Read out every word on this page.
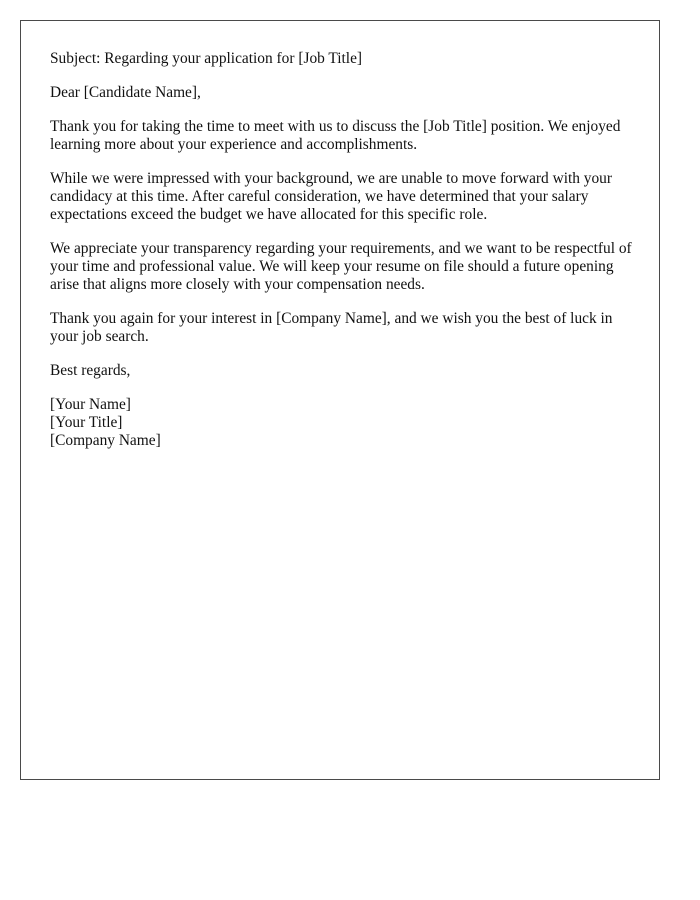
Subject: Regarding your application for [Job Title]

Dear [Candidate Name],

Thank you for taking the time to meet with us to discuss the [Job Title] position. We enjoyed learning more about your experience and accomplishments.

While we were impressed with your background, we are unable to move forward with your candidacy at this time. After careful consideration, we have determined that your salary expectations exceed the budget we have allocated for this specific role.

We appreciate your transparency regarding your requirements, and we want to be respectful of your time and professional value. We will keep your resume on file should a future opening arise that aligns more closely with your compensation needs.

Thank you again for your interest in [Company Name], and we wish you the best of luck in your job search.

Best regards,

[Your Name]
[Your Title]
[Company Name]
